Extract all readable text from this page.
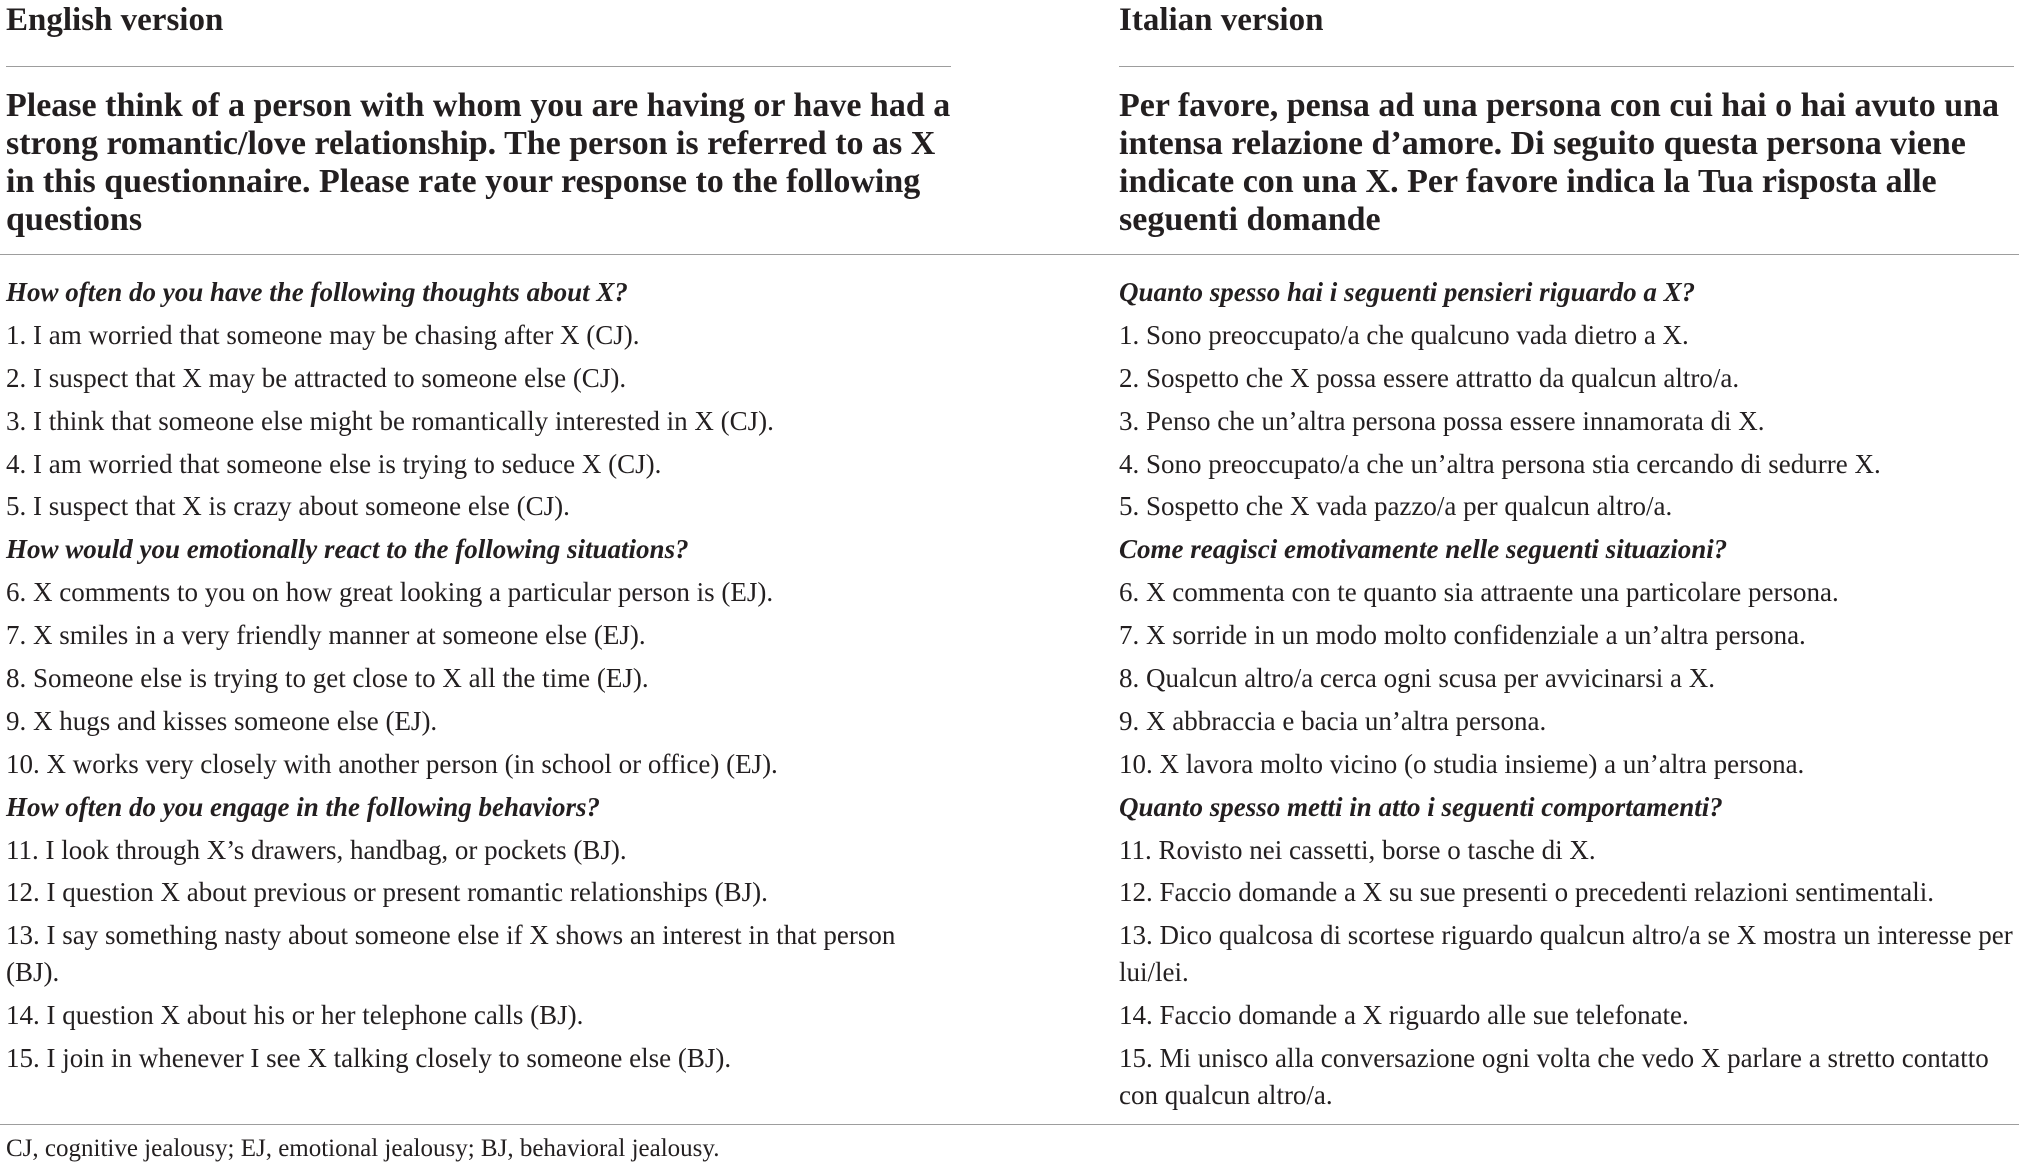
English version
Please think of a person with whom you are having or have had a strong romantic/love relationship. The person is referred to as X in this questionnaire. Please rate your response to the following questions
How often do you have the following thoughts about X?
1. I am worried that someone may be chasing after X (CJ).
2. I suspect that X may be attracted to someone else (CJ).
3. I think that someone else might be romantically interested in X (CJ).
4. I am worried that someone else is trying to seduce X (CJ).
5. I suspect that X is crazy about someone else (CJ).
How would you emotionally react to the following situations?
6. X comments to you on how great looking a particular person is (EJ).
7. X smiles in a very friendly manner at someone else (EJ).
8. Someone else is trying to get close to X all the time (EJ).
9. X hugs and kisses someone else (EJ).
10. X works very closely with another person (in school or office) (EJ).
How often do you engage in the following behaviors?
11. I look through X’s drawers, handbag, or pockets (BJ).
12. I question X about previous or present romantic relationships (BJ).
13. I say something nasty about someone else if X shows an interest in that person (BJ).
14. I question X about his or her telephone calls (BJ).
15. I join in whenever I see X talking closely to someone else (BJ).
Italian version
Per favore, pensa ad una persona con cui hai o hai avuto una intensa relazione d’amore. Di seguito questa persona viene indicate con una X. Per favore indica la Tua risposta alle seguenti domande
Quanto spesso hai i seguenti pensieri riguardo a X?
1. Sono preoccupato/a che qualcuno vada dietro a X.
2. Sospetto che X possa essere attratto da qualcun altro/a.
3. Penso che un’altra persona possa essere innamorata di X.
4. Sono preoccupato/a che un’altra persona stia cercando di sedurre X.
5. Sospetto che X vada pazzo/a per qualcun altro/a.
Come reagisci emotivamente nelle seguenti situazioni?
6. X commenta con te quanto sia attraente una particolare persona.
7. X sorride in un modo molto confidenziale a un’altra persona.
8. Qualcun altro/a cerca ogni scusa per avvicinarsi a X.
9. X abbraccia e bacia un’altra persona.
10. X lavora molto vicino (o studia insieme) a un’altra persona.
Quanto spesso metti in atto i seguenti comportamenti?
11. Rovisto nei cassetti, borse o tasche di X.
12. Faccio domande a X su sue presenti o precedenti relazioni sentimentali.
13. Dico qualcosa di scortese riguardo qualcun altro/a se X mostra un interesse per lui/lei.
14. Faccio domande a X riguardo alle sue telefonate.
15. Mi unisco alla conversazione ogni volta che vedo X parlare a stretto contatto con qualcun altro/a.
CJ, cognitive jealousy; EJ, emotional jealousy; BJ, behavioral jealousy.
